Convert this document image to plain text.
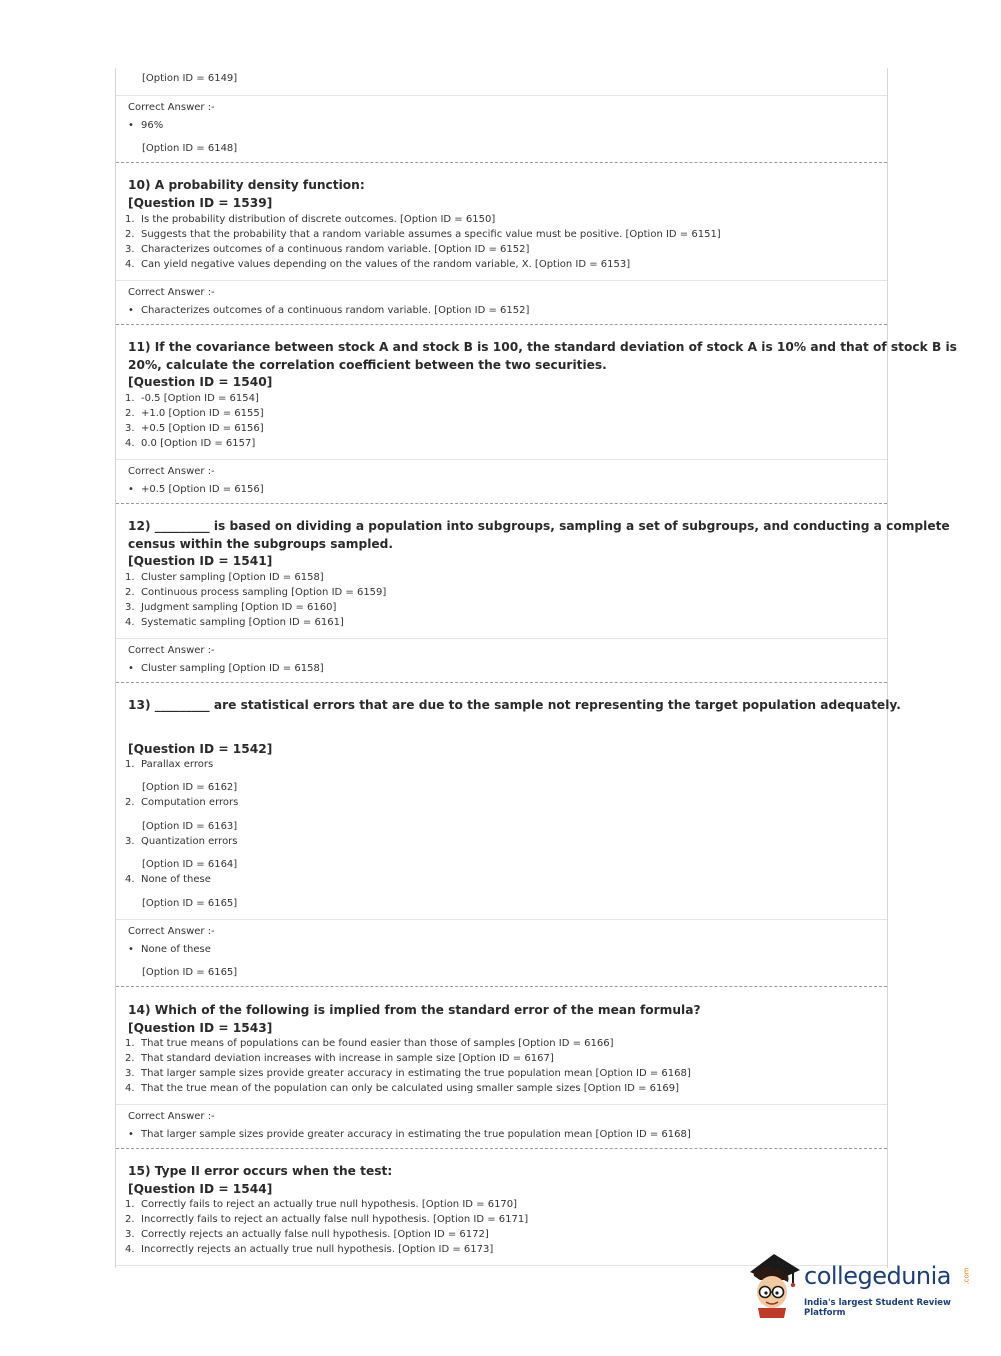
[Option ID = 6149]
Correct Answer :-
• 96%
[Option ID = 6148]
10) A probability density function:
[Question ID = 1539]
1. Is the probability distribution of discrete outcomes. [Option ID = 6150]
2. Suggests that the probability that a random variable assumes a specific value must be positive. [Option ID = 6151]
3. Characterizes outcomes of a continuous random variable. [Option ID = 6152]
4. Can yield negative values depending on the values of the random variable, X. [Option ID = 6153]
Correct Answer :-
• Characterizes outcomes of a continuous random variable. [Option ID = 6152]
11) If the covariance between stock A and stock B is 100, the standard deviation of stock A is 10% and that of stock B is
20%, calculate the correlation coefficient between the two securities.
[Question ID = 1540]
1. -0.5 [Option ID = 6154]
2. +1.0 [Option ID = 6155]
3. +0.5 [Option ID = 6156]
4. 0.0 [Option ID = 6157]
Correct Answer :-
• +0.5 [Option ID = 6156]
12) _________ is based on dividing a population into subgroups, sampling a set of subgroups, and conducting a complete
census within the subgroups sampled.
[Question ID = 1541]
1. Cluster sampling [Option ID = 6158]
2. Continuous process sampling [Option ID = 6159]
3. Judgment sampling [Option ID = 6160]
4. Systematic sampling [Option ID = 6161]
Correct Answer :-
• Cluster sampling [Option ID = 6158]
13) _________ are statistical errors that are due to the sample not representing the target population adequately.
[Question ID = 1542]
1. Parallax errors
[Option ID = 6162]
2. Computation errors
[Option ID = 6163]
3. Quantization errors
[Option ID = 6164]
4. None of these
[Option ID = 6165]
Correct Answer :-
• None of these
[Option ID = 6165]
14) Which of the following is implied from the standard error of the mean formula?
[Question ID = 1543]
1. That true means of populations can be found easier than those of samples [Option ID = 6166]
2. That standard deviation increases with increase in sample size [Option ID = 6167]
3. That larger sample sizes provide greater accuracy in estimating the true population mean [Option ID = 6168]
4. That the true mean of the population can only be calculated using smaller sample sizes [Option ID = 6169]
Correct Answer :-
• That larger sample sizes provide greater accuracy in estimating the true population mean [Option ID = 6168]
15) Type II error occurs when the test:
[Question ID = 1544]
1. Correctly fails to reject an actually true null hypothesis. [Option ID = 6170]
2. Incorrectly fails to reject an actually false null hypothesis. [Option ID = 6171]
3. Correctly rejects an actually false null hypothesis. [Option ID = 6172]
4. Incorrectly rejects an actually true null hypothesis. [Option ID = 6173]
collegedunia .com
India's largest Student Review Platform
